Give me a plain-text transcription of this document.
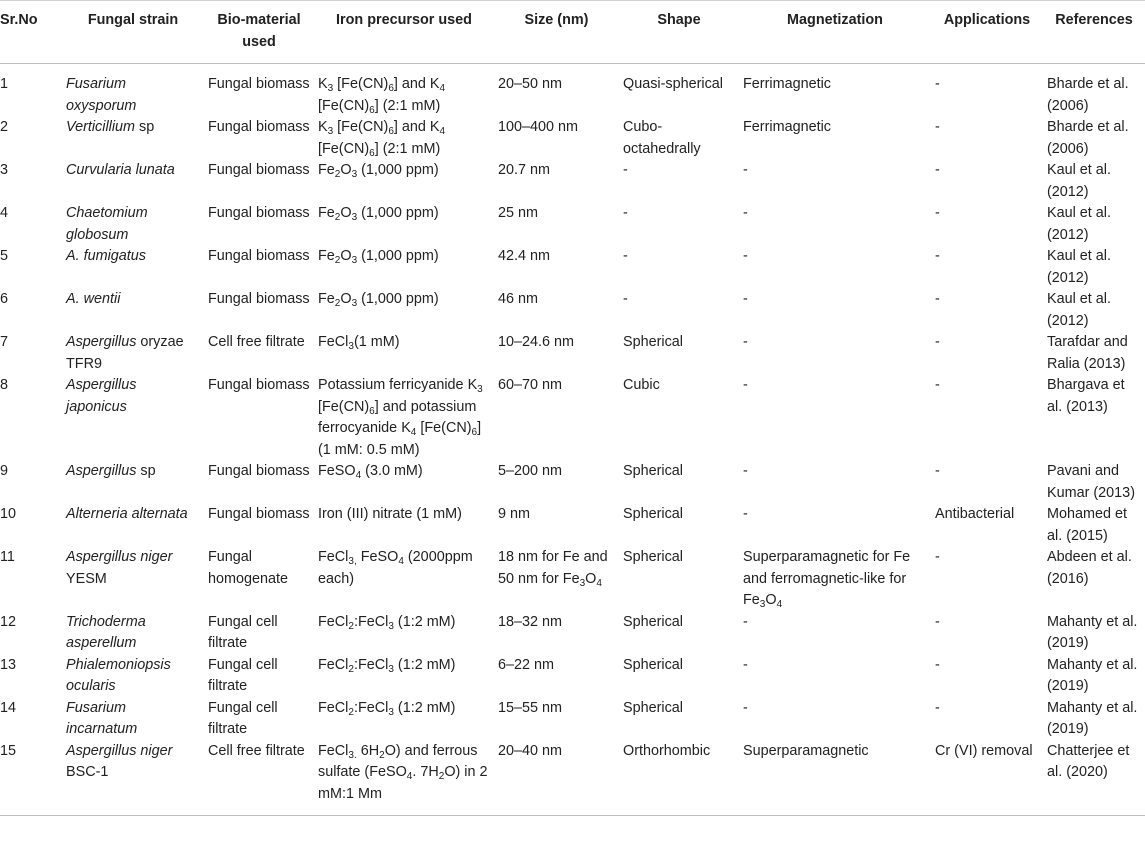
Sr.No	Fungal strain	Bio-material used	Iron precursor used	Size (nm)	Shape	Magnetization	Applications	References
1	Fusarium oxysporum	Fungal biomass	$K_3$ $[Fe(CN)_6]$ and $K_4$ $[Fe(CN)_6]$ (2:1 mM)	20–50 nm	Quasi-spherical	Ferrimagnetic	-	Bharde et al. (2006)
2	Verticillium sp	Fungal biomass	$K_3$ $[Fe(CN)_6]$ and $K_4$ $[Fe(CN)_6]$ (2:1 mM)	100–400 nm	Cubo-octahedrally	Ferrimagnetic	-	Bharde et al. (2006)
3	Curvularia lunata	Fungal biomass	$Fe_2O_3$ (1,000 ppm)	20.7 nm	-	-	-	Kaul et al. (2012)
4	Chaetomium globosum	Fungal biomass	$Fe_2O_3$ (1,000 ppm)	25 nm	-	-	-	Kaul et al. (2012)
5	A. fumigatus	Fungal biomass	$Fe_2O_3$ (1,000 ppm)	42.4 nm	-	-	-	Kaul et al. (2012)
6	A. wentii	Fungal biomass	$Fe_2O_3$ (1,000 ppm)	46 nm	-	-	-	Kaul et al. (2012)
7	Aspergillus oryzae TFR9	Cell free filtrate	FeCl$_3$(1 mM)	10–24.6 nm	Spherical	-	-	Tarafdar and Ralia (2013)
8	Aspergillus japonicus	Fungal biomass	Potassium ferricyanide $K_3$ $[Fe(CN)_6]$ and potassium ferrocyanide $K_4$ $[Fe(CN)_6]$ (1 mM: 0.5 mM)	60–70 nm	Cubic	-	-	Bhargava et al. (2013)
9	Aspergillus sp	Fungal biomass	FeSO$_4$ (3.0 mM)	5–200 nm	Spherical	-	-	Pavani and Kumar (2013)
10	Alterneria alternata	Fungal biomass	Iron (III) nitrate (1 mM)	9 nm	Spherical	-	Antibacterial	Mohamed et al. (2015)
11	Aspergillus niger YESM	Fungal homogenate	FeCl$_{3,}$ FeSO$_4$ (2000ppm each)	18 nm for Fe and 50 nm for $Fe_3O_4$	Spherical	Superparamagnetic for Fe and ferromagnetic-like for $Fe_3O_4$	-	Abdeen et al. (2016)
12	Trichoderma asperellum	Fungal cell filtrate	FeCl$_2$:FeCl$_3$ (1:2 mM)	18–32 nm	Spherical	-	-	Mahanty et al. (2019)
13	Phialemoniopsis ocularis	Fungal cell filtrate	FeCl$_2$:FeCl$_3$ (1:2 mM)	6–22 nm	Spherical	-	-	Mahanty et al. (2019)
14	Fusarium incarnatum	Fungal cell filtrate	FeCl$_2$:FeCl$_3$ (1:2 mM)	15–55 nm	Spherical	-	-	Mahanty et al. (2019)
15	Aspergillus niger BSC-1	Cell free filtrate	FeCl$_{3.}$ $6H_2O$) and ferrous sulfate (FeSO$_4$. $7H_2O$) in 2 mM:1 Mm	20–40 nm	Orthorhombic	Superparamagnetic	Cr (VI) removal	Chatterjee et al. (2020)
